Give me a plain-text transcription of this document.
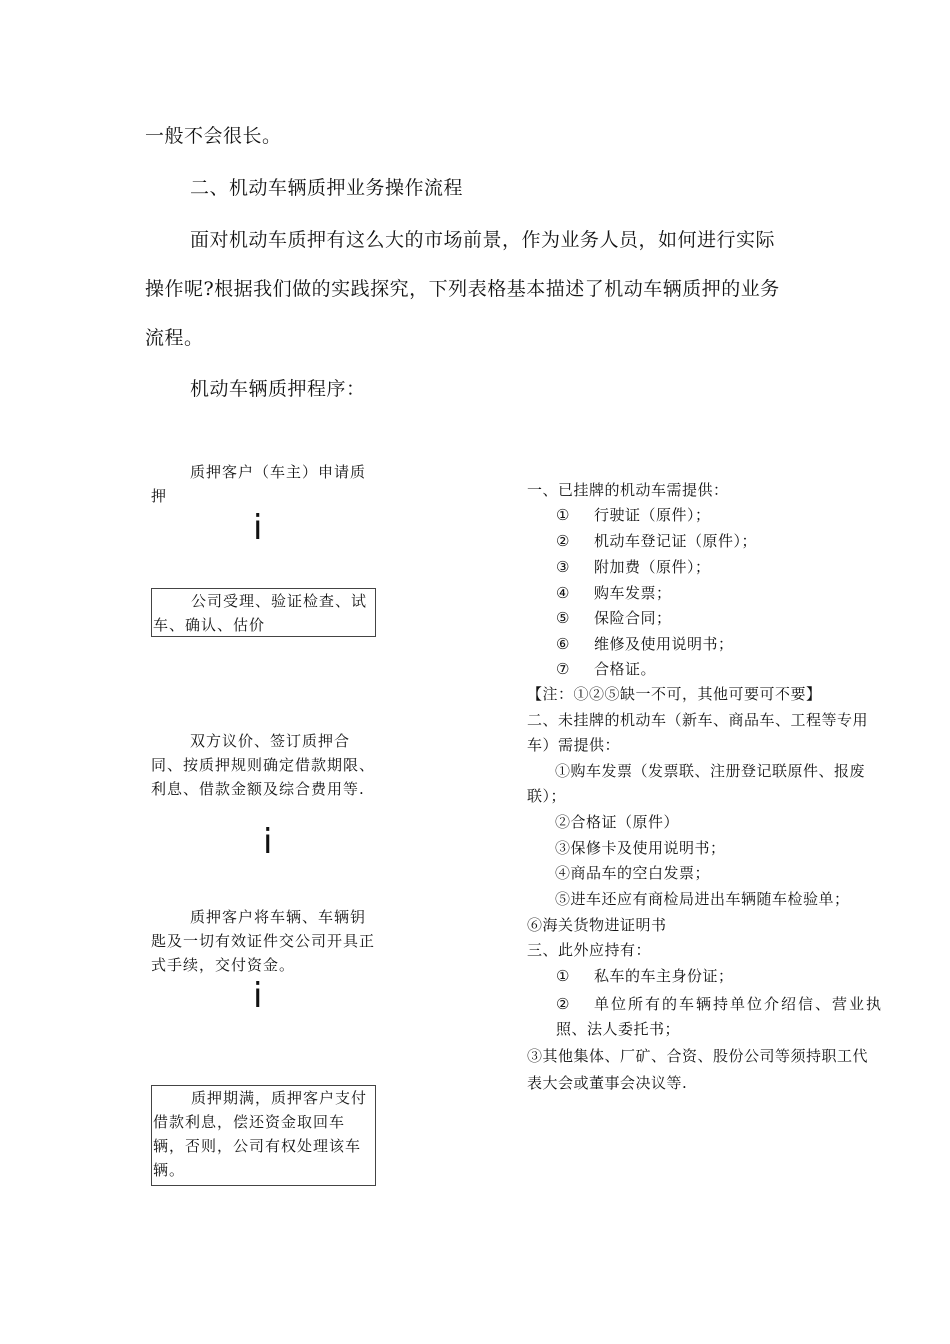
一般不会很长。
二、机动车辆质押业务操作流程
面对机动车质押有这么大的市场前景，作为业务人员，如何进行实际
操作呢?根据我们做的实践探究，下列表格基本描述了机动车辆质押的业务
流程。
机动车辆质押程序：
质押客户（车主）申请质押
i
公司受理、验证检查、试车、确认、估价
双方议价、签订质押合同、按质押规则确定借款期限、利息、借款金额及综合费用等.
i
质押客户将车辆、车辆钥匙及一切有效证件交公司开具正式手续，交付资金。
i
质押期满，质押客户支付借款利息，偿还资金取回车辆，否则，公司有权处理该车辆。
一、已挂牌的机动车需提供：
① 行驶证（原件）；
② 机动车登记证（原件）；
③ 附加费（原件）；
④ 购车发票；
⑤ 保险合同；
⑥ 维修及使用说明书；
⑦ 合格证。
【注：①②⑤缺一不可，其他可要可不要】
二、未挂牌的机动车（新车、商品车、工程等专用
车）需提供：
①购车发票（发票联、注册登记联原件、报废
联）；
②合格证（原件）
③保修卡及使用说明书；
④商品车的空白发票；
⑤进车还应有商检局进出车辆随车检验单；
⑥海关货物进证明书
三、此外应持有：
① 私车的车主身份证；
② 单位所有的车辆持单位介绍信、营业执
照、法人委托书；
③其他集体、厂矿、合资、股份公司等须持职工代
表大会或董事会决议等.
